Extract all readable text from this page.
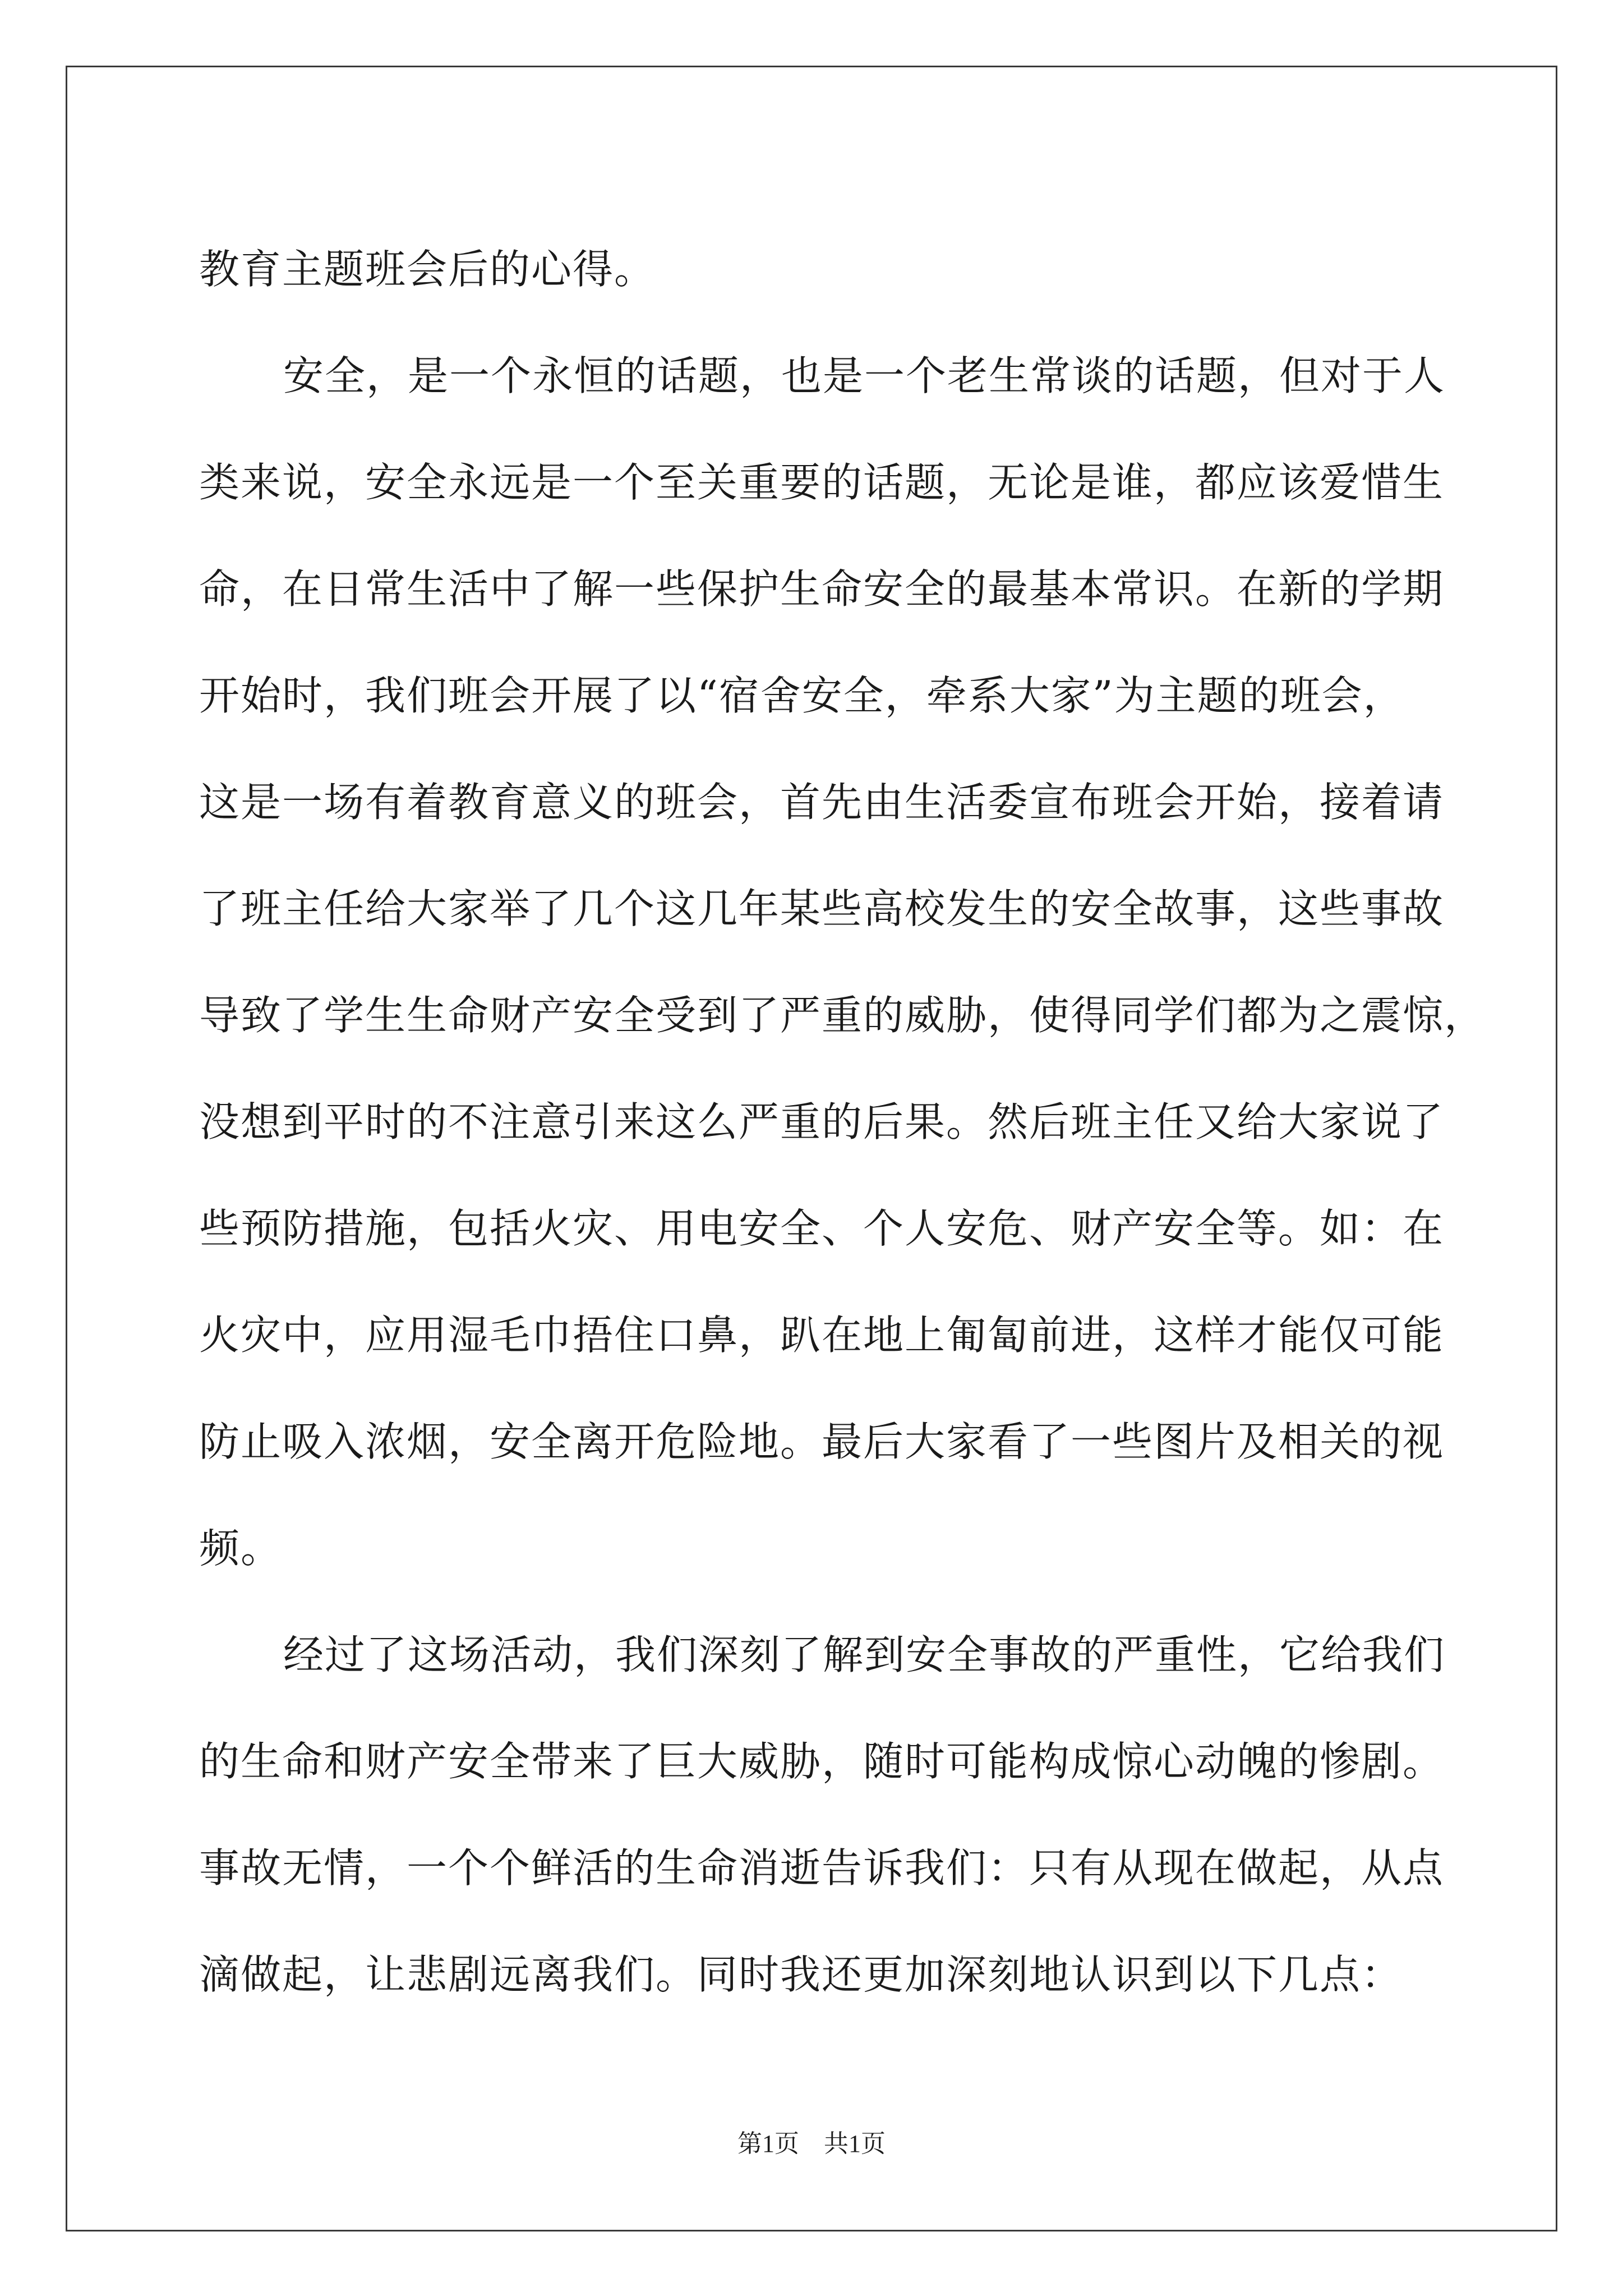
教育主题班会后的心得。
安全，是一个永恒的话题，也是一个老生常谈的话题，但对于人
类来说，安全永远是一个至关重要的话题，无论是谁，都应该爱惜生
命，在日常生活中了解一些保护生命安全的最基本常识。在新的学期
开始时，我们班会开展了以“宿舍安全，牵系大家”为主题的班会，
这是一场有着教育意义的班会，首先由生活委宣布班会开始，接着请
了班主任给大家举了几个这几年某些高校发生的安全故事，这些事故
导致了学生生命财产安全受到了严重的威胁，使得同学们都为之震惊，
没想到平时的不注意引来这么严重的后果。然后班主任又给大家说了
些预防措施，包括火灾、用电安全、个人安危、财产安全等。如：在
火灾中，应用湿毛巾捂住口鼻，趴在地上匍匐前进，这样才能仅可能
防止吸入浓烟，安全离开危险地。最后大家看了一些图片及相关的视
频。
经过了这场活动，我们深刻了解到安全事故的严重性，它给我们
的生命和财产安全带来了巨大威胁，随时可能构成惊心动魄的惨剧。
事故无情，一个个鲜活的生命消逝告诉我们：只有从现在做起，从点
滴做起，让悲剧远离我们。同时我还更加深刻地认识到以下几点：
第1页　共1页
